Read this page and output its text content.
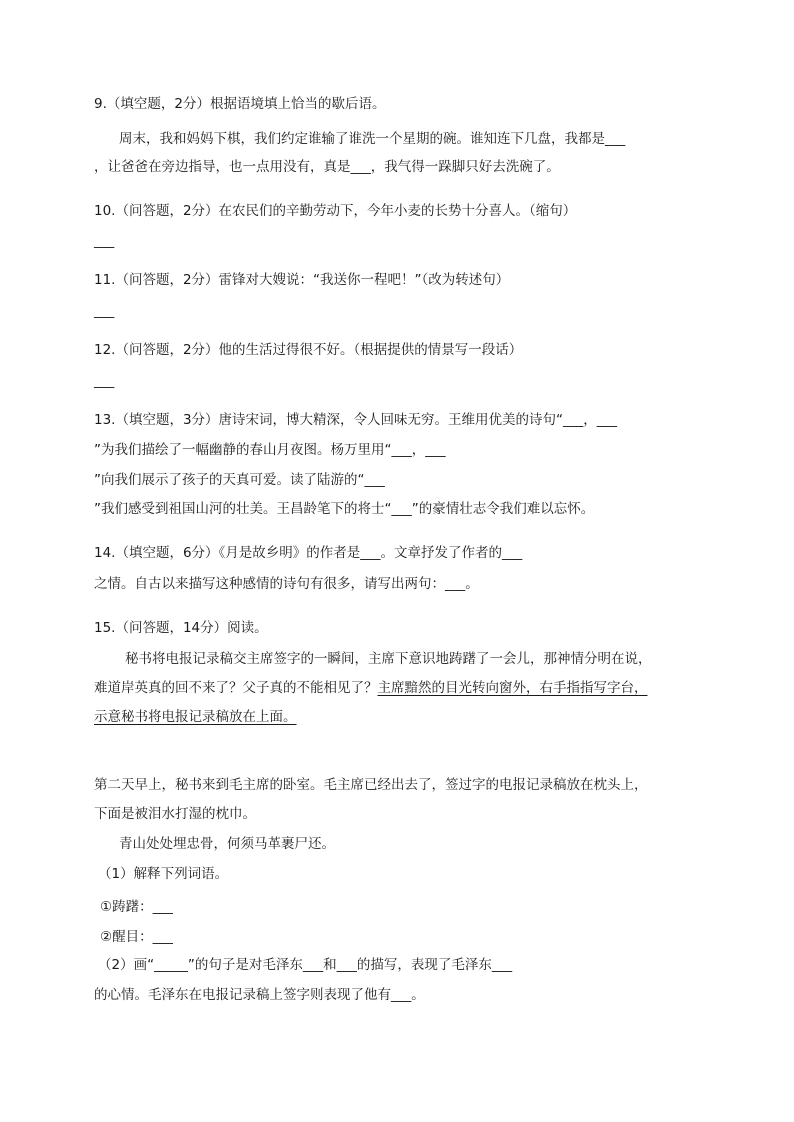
9.（填空题，2分）根据语境填上恰当的歇后语。
周末，我和妈妈下棋，我们约定谁输了谁洗一个星期的碗。谁知连下几盘，我都是___
，让爸爸在旁边指导，也一点用没有，真是___，我气得一跺脚只好去洗碗了。
10.（问答题，2分）在农民们的辛勤劳动下，今年小麦的长势十分喜人。（缩句）
___
11.（问答题，2分）雷锋对大嫂说：“我送你一程吧！”（改为转述句）
___
12.（问答题，2分）他的生活过得很不好。（根据提供的情景写一段话）
___
13.（填空题，3分）唐诗宋词，博大精深，令人回味无穷。王维用优美的诗句“___，___
”为我们描绘了一幅幽静的春山月夜图。杨万里用“___，___
”向我们展示了孩子的天真可爱。读了陆游的“___
”我们感受到祖国山河的壮美。王昌龄笔下的将士“___”的豪情壮志令我们难以忘怀。
14.（填空题，6分）《月是故乡明》的作者是___。文章抒发了作者的___
之情。自古以来描写这种感情的诗句有很多，请写出两句：___。
15.（问答题，14分）阅读。
秘书将电报记录稿交主席签字的一瞬间，主席下意识地踌躇了一会儿，那神情分明在说，
难道岸英真的回不来了？父子真的不能相见了？主席黯然的目光转向窗外，右手指指写字台，
示意秘书将电报记录稿放在上面。
第二天早上，秘书来到毛主席的卧室。毛主席已经出去了，签过字的电报记录稿放在枕头上，
下面是被泪水打湿的枕巾。
青山处处埋忠骨，何须马革裹尸还。
（1）解释下列词语。
①踌躇：___
②醒目：___
（2）画“_____”的句子是对毛泽东___和___的描写，表现了毛泽东___
的心情。毛泽东在电报记录稿上签字则表现了他有___。
